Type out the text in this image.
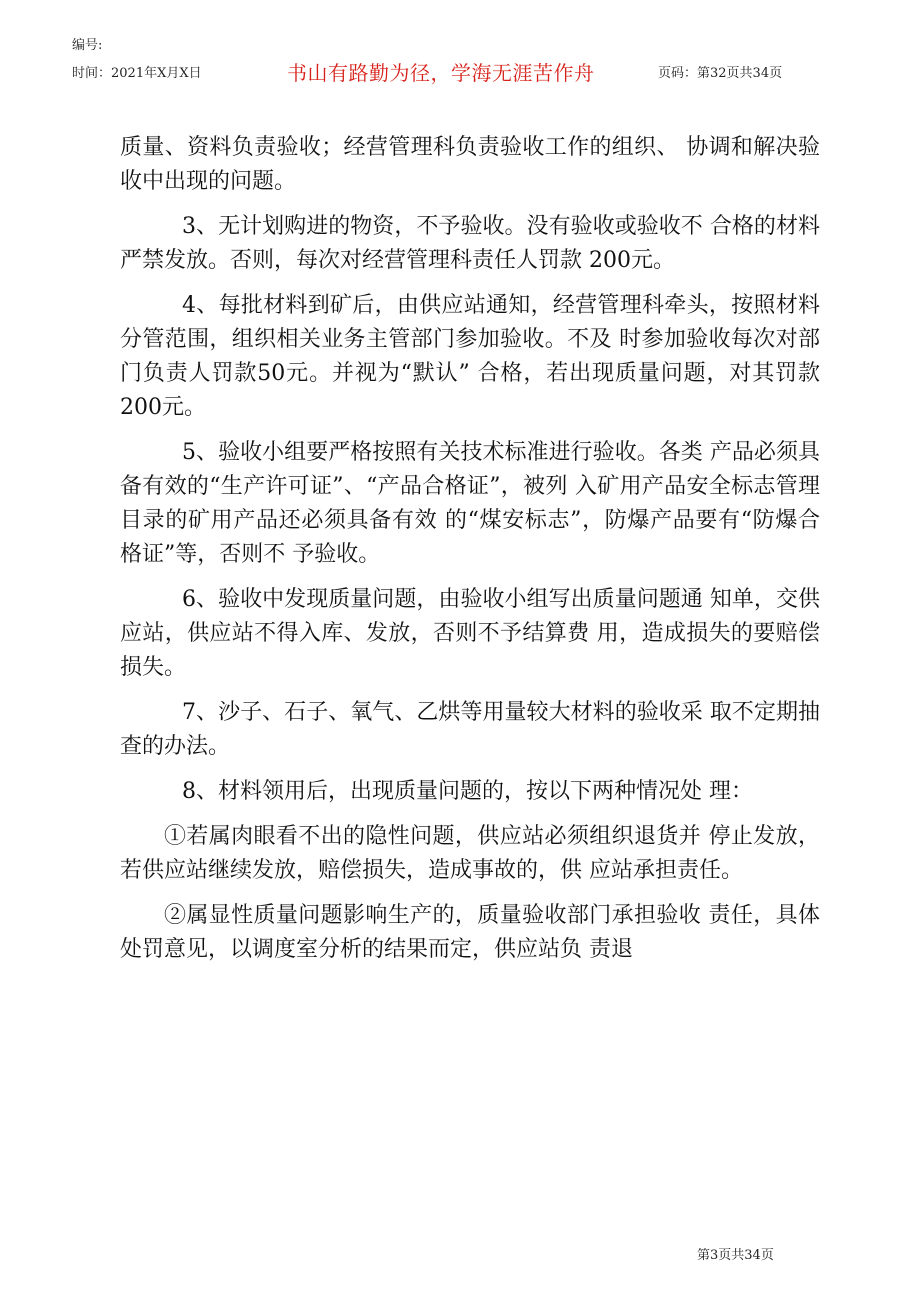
编号:
时间：2021年X月X日	书山有路勤为径，学海无涯苦作舟	页码：第32页共34页

质量、资料负责验收；经营管理科负责验收工作的组织、 协调和解决验收中出现的问题。

3、无计划购进的物资，不予验收。没有验收或验收不 合格的材料严禁发放。否则，每次对经营管理科责任人罚款 200元。

4、每批材料到矿后，由供应站通知，经营管理科牵头，按照材料分管范围，组织相关业务主管部门参加验收。不及 时参加验收每次对部门负责人罚款50元。并视为“默认” 合格，若出现质量问题，对其罚款200元。

5、验收小组要严格按照有关技术标准进行验收。各类 产品必须具备有效的“生产许可证”、“产品合格证”，被列 入矿用产品安全标志管理目录的矿用产品还必须具备有效 的“煤安标志”，防爆产品要有“防爆合格证”等，否则不 予验收。

6、验收中发现质量问题，由验收小组写出质量问题通 知单，交供应站，供应站不得入库、发放，否则不予结算费 用，造成损失的要赔偿损失。

7、沙子、石子、氧气、乙烘等用量较大材料的验收采 取不定期抽查的办法。

8、材料领用后，出现质量问题的，按以下两种情况处 理：

①若属肉眼看不出的隐性问题，供应站必须组织退货并 停止发放，若供应站继续发放，赔偿损失，造成事故的，供 应站承担责任。

②属显性质量问题影响生产的，质量验收部门承担验收 责任，具体处罚意见，以调度室分析的结果而定，供应站负 责退

第3页共34页
